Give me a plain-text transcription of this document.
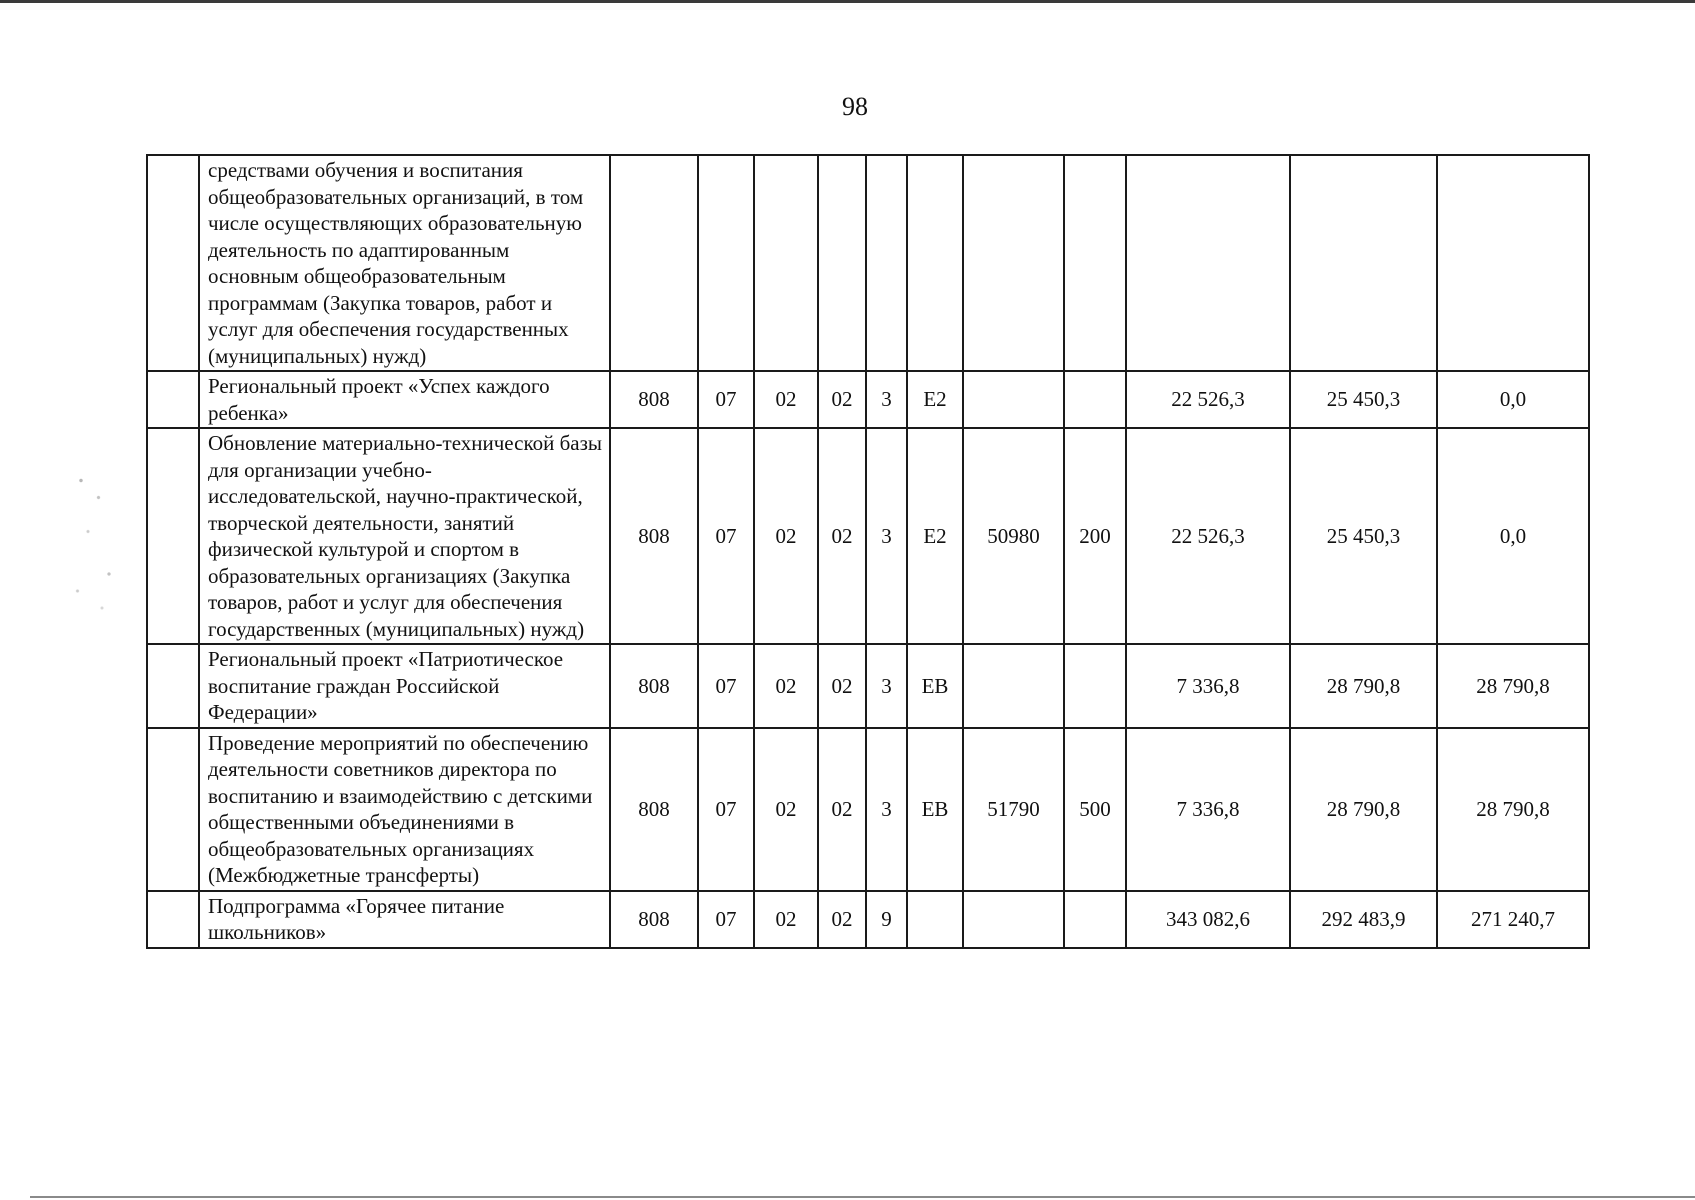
98
	средствами обучения и воспитания общеобразовательных организаций, в том числе осуществляющих образовательную деятельность по адаптированным основным общеобразовательным программам (Закупка товаров, работ и услуг для обеспечения государственных (муниципальных) нужд)											
	Региональный проект «Успех каждого ребенка»	808	07	02	02	3	E2			22 526,3	25 450,3	0,0
	Обновление материально-технической базы для организации учебно-исследовательской, научно-практической, творческой деятельности, занятий физической культурой и спортом в образовательных организациях (Закупка товаров, работ и услуг для обеспечения государственных (муниципальных) нужд)	808	07	02	02	3	E2	50980	200	22 526,3	25 450,3	0,0
	Региональный проект «Патриотическое воспитание граждан Российской Федерации»	808	07	02	02	3	EB			7 336,8	28 790,8	28 790,8
	Проведение мероприятий по обеспечению деятельности советников директора по воспитанию и взаимодействию с детскими общественными объединениями в общеобразовательных организациях (Межбюджетные трансферты)	808	07	02	02	3	EB	51790	500	7 336,8	28 790,8	28 790,8
	Подпрограмма «Горячее питание школьников»	808	07	02	02	9				343 082,6	292 483,9	271 240,7
